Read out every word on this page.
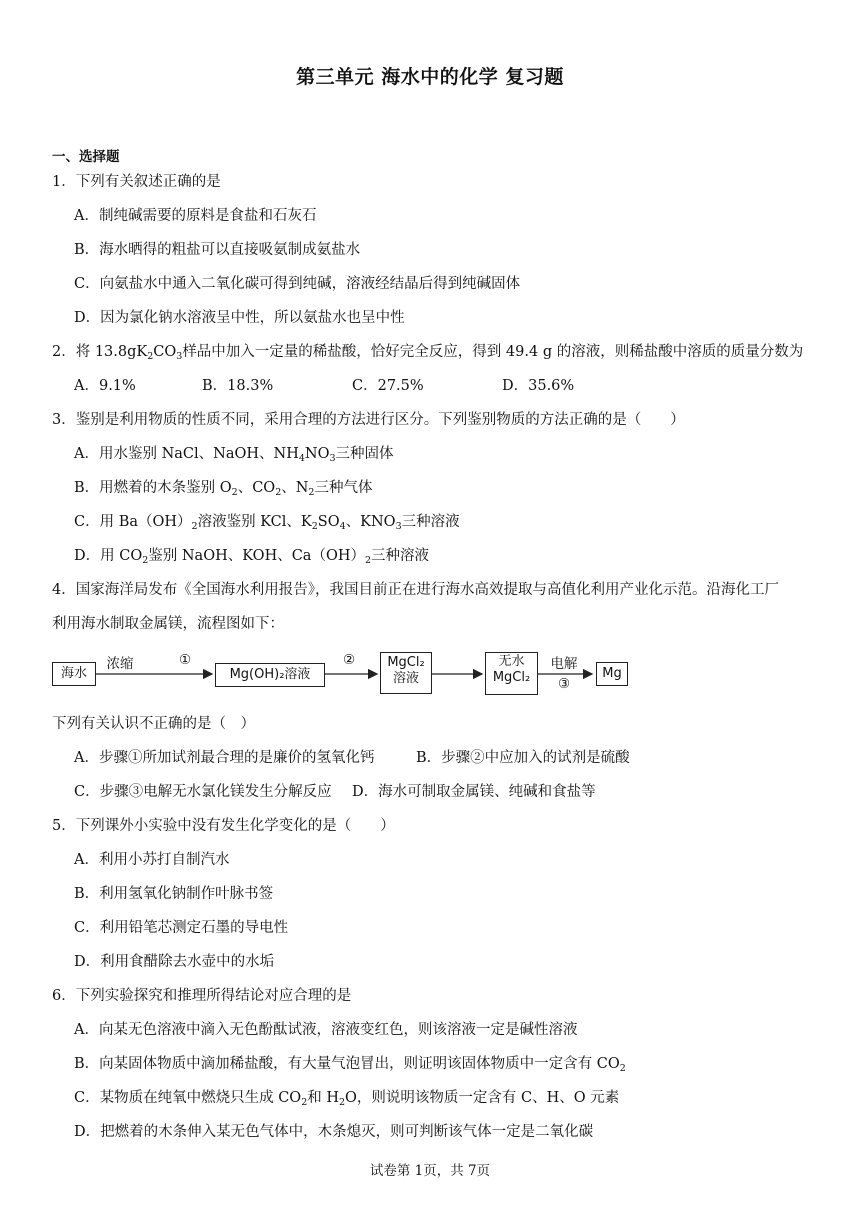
第三单元 海水中的化学 复习题
一、选择题
1．下列有关叙述正确的是
A．制纯碱需要的原料是食盐和石灰石
B．海水晒得的粗盐可以直接吸氨制成氨盐水
C．向氨盐水中通入二氧化碳可得到纯碱，溶液经结晶后得到纯碱固体
D．因为氯化钠水溶液呈中性，所以氨盐水也呈中性
2．将 $13.8gK_2CO_3$样品中加入一定量的稀盐酸，恰好完全反应，得到 49.4 g 的溶液，则稀盐酸中溶质的质量分数为
A．9.1%	B．18.3%	C．27.5%	D．35.6%
3．鉴别是利用物质的性质不同，采用合理的方法进行区分。下列鉴别物质的方法正确的是（　　）
A．用水鉴别 NaCl、NaOH、$NH_4NO_3$三种固体
B．用燃着的木条鉴别 $O_2$、$CO_2$、$N_2$三种气体
C．用 $Ba(OH)_2$溶液鉴别 KCl、$K_2SO_4$、$KNO_3$三种溶液
D．用 $CO_2$鉴别 NaOH、KOH、$Ca(OH)_2$三种溶液
4．国家海洋局发布《全国海水利用报告》，我国目前正在进行海水高效提取与高值化利用产业化示范。沿海化工厂
利用海水制取金属镁，流程图如下：
海水
浓缩	①
Mg(OH)₂溶液
②	MgCl₂
溶液
无水
MgCl₂
电解
③
Mg
下列有关认识不正确的是（　）
A．步骤①所加试剂最合理的是廉价的氢氧化钙	B．步骤②中应加入的试剂是硫酸
C．步骤③电解无水氯化镁发生分解反应 D．海水可制取金属镁、纯碱和食盐等
5．下列课外小实验中没有发生化学变化的是（　　）
A．利用小苏打自制汽水
B．利用氢氧化钠制作叶脉书签
C．利用铅笔芯测定石墨的导电性
D．利用食醋除去水壶中的水垢
6．下列实验探究和推理所得结论对应合理的是
A．向某无色溶液中滴入无色酚酞试液，溶液变红色，则该溶液一定是碱性溶液
B．向某固体物质中滴加稀盐酸，有大量气泡冒出，则证明该固体物质中一定含有 $CO_2$
C．某物质在纯氧中燃烧只生成 $CO_2$和 $H_2O$，则说明该物质一定含有 C、H、O 元素
D．把燃着的木条伸入某无色气体中，木条熄灭，则可判断该气体一定是二氧化碳
试卷第 1页，共 7页
